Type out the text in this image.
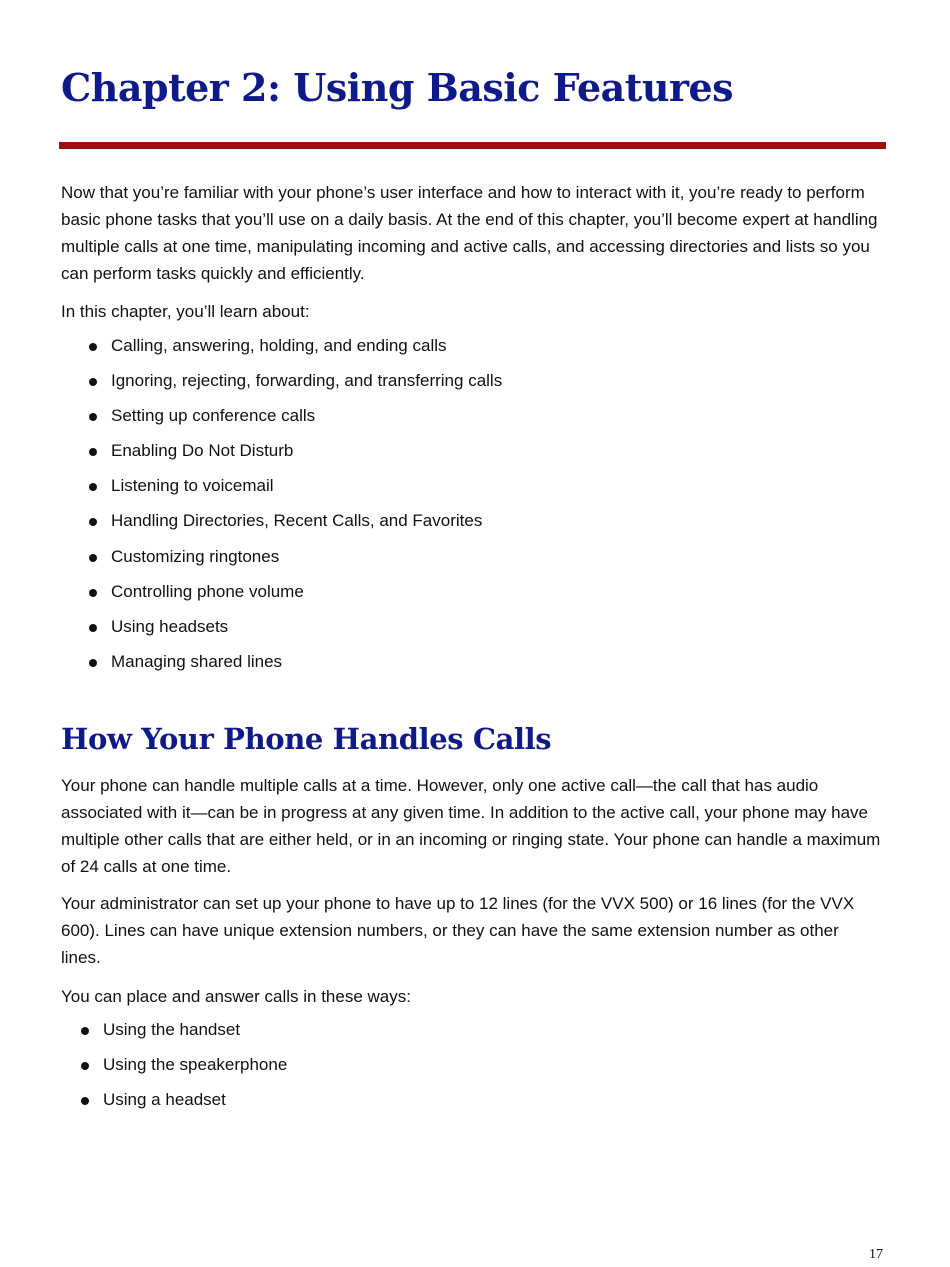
Chapter 2: Using Basic Features

Now that you’re familiar with your phone’s user interface and how to interact with it, you’re ready to perform basic phone tasks that you’ll use on a daily basis. At the end of this chapter, you’ll become expert at handling multiple calls at one time, manipulating incoming and active calls, and accessing directories and lists so you can perform tasks quickly and efficiently.

In this chapter, you’ll learn about:

Calling, answering, holding, and ending calls
Ignoring, rejecting, forwarding, and transferring calls
Setting up conference calls
Enabling Do Not Disturb
Listening to voicemail
Handling Directories, Recent Calls, and Favorites
Customizing ringtones
Controlling phone volume
Using headsets
Managing shared lines
How Your Phone Handles Calls

Your phone can handle multiple calls at a time. However, only one active call—the call that has audio associated with it—can be in progress at any given time. In addition to the active call, your phone may have multiple other calls that are either held, or in an incoming or ringing state. Your phone can handle a maximum of 24 calls at one time.

Your administrator can set up your phone to have up to 12 lines (for the VVX 500) or 16 lines (for the VVX 600). Lines can have unique extension numbers, or they can have the same extension number as other lines.

You can place and answer calls in these ways:

Using the handset
Using the speakerphone
Using a headset
17
